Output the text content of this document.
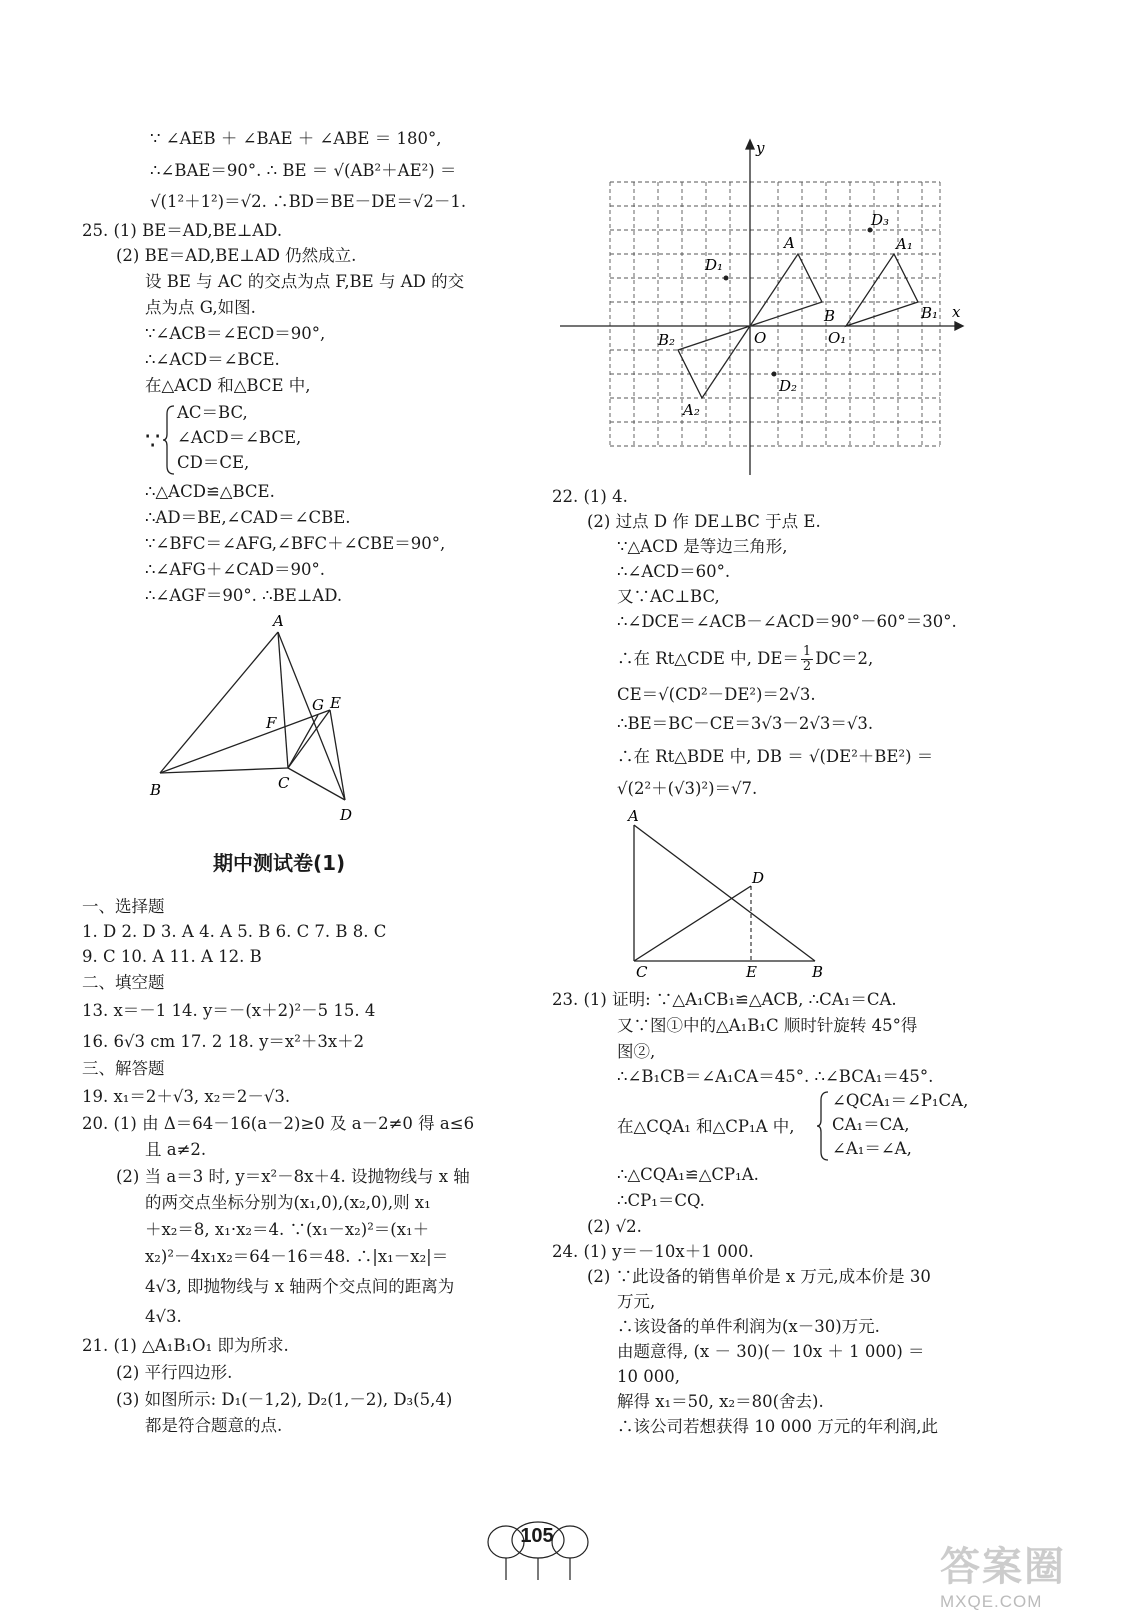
∵ ∠AEB ＋ ∠BAE ＋ ∠ABE ＝ 180°,
∴∠BAE＝90°. ∴ BE ＝ √(AB²＋AE²) ＝
√(1²＋1²)＝√2. ∴BD＝BE－DE＝√2－1.
25. (1) BE＝AD,BE⊥AD.
(2) BE＝AD,BE⊥AD 仍然成立.
设 BE 与 AC 的交点为点 F,BE 与 AD 的交
点为点 G,如图.
∵∠ACB＝∠ECD＝90°,
∴∠ACD＝∠BCE.
在△ACD 和△BCE 中,
∵
AC＝BC,
∠ACD＝∠BCE,
CD＝CE,
∴△ACD≌△BCE.
∴AD＝BE,∠CAD＝∠CBE.
∵∠BFC＝∠AFG,∠BFC＋∠CBE＝90°,
∴∠AFG＋∠CAD＝90°.
∴∠AGF＝90°. ∴BE⊥AD.
A
B	C
D
E
F
G
期中测试卷(1)
一、选择题
1. D 2. D 3. A 4. A 5. B 6. C 7. B 8. C
9. C 10. A 11. A 12. B
二、填空题
13. x＝－1 14. y＝－(x＋2)²－5 15. 4
16. 6√3 cm 17. 2 18. y＝x²＋3x＋2
三、解答题
19. x₁＝2＋√3, x₂＝2－√3.
20. (1) 由 Δ＝64－16(a－2)≥0 及 a－2≠0 得 a≤6
且 a≠2.
(2) 当 a＝3 时, y＝x²－8x＋4. 设抛物线与 x 轴
的两交点坐标分别为(x₁,0),(x₂,0),则 x₁
＋x₂＝8, x₁·x₂＝4. ∵(x₁－x₂)²＝(x₁＋
x₂)²－4x₁x₂＝64－16＝48. ∴|x₁－x₂|＝
4√3, 即抛物线与 x 轴两个交点间的距离为
4√3.
21. (1) △A₁B₁O₁ 即为所求.
(2) 平行四边形.
(3) 如图所示: D₁(－1,2), D₂(1,－2), D₃(5,4)
都是符合题意的点.
y
x
O
A
B
A₁
B₁
O₁
A₂
B₂
D₁
D₂
D₃
22. (1) 4.
(2) 过点 D 作 DE⊥BC 于点 E.
∵△ACD 是等边三角形,
∴∠ACD＝60°.
又∵AC⊥BC,
∴∠DCE＝∠ACB－∠ACD＝90°－60°＝30°.
∴在 Rt△CDE 中, $DE= \frac{1}{2} DC=2$,
CE＝√(CD²－DE²)＝2√3.
∴BE＝BC－CE＝3√3－2√3＝√3.
∴在 Rt△BDE 中, DB ＝ √(DE²＋BE²) ＝
√(2²＋(√3)²)＝√7.
A
D
C	E	B
23. (1) 证明: ∵△A₁CB₁≌△ACB, ∴CA₁＝CA.
又∵图①中的△A₁B₁C 顺时针旋转 45°得
图②,
∴∠B₁CB＝∠A₁CA＝45°. ∴∠BCA₁＝45°.
在△CQA₁ 和△CP₁A 中,
∠QCA₁＝∠P₁CA,
CA₁＝CA,
∠A₁＝∠A,
∴△CQA₁≌△CP₁A.
∴CP₁＝CQ.
(2) √2.
24. (1) y＝－10x＋1 000.
(2) ∵此设备的销售单价是 x 万元,成本价是 30
万元,
∴该设备的单件利润为(x－30)万元.
由题意得, (x － 30)(－ 10x ＋ 1 000) ＝
10 000,
解得 x₁＝50, x₂＝80(舍去).
∴该公司若想获得 10 000 万元的年利润,此
105
答案圈
MXQE.COM
